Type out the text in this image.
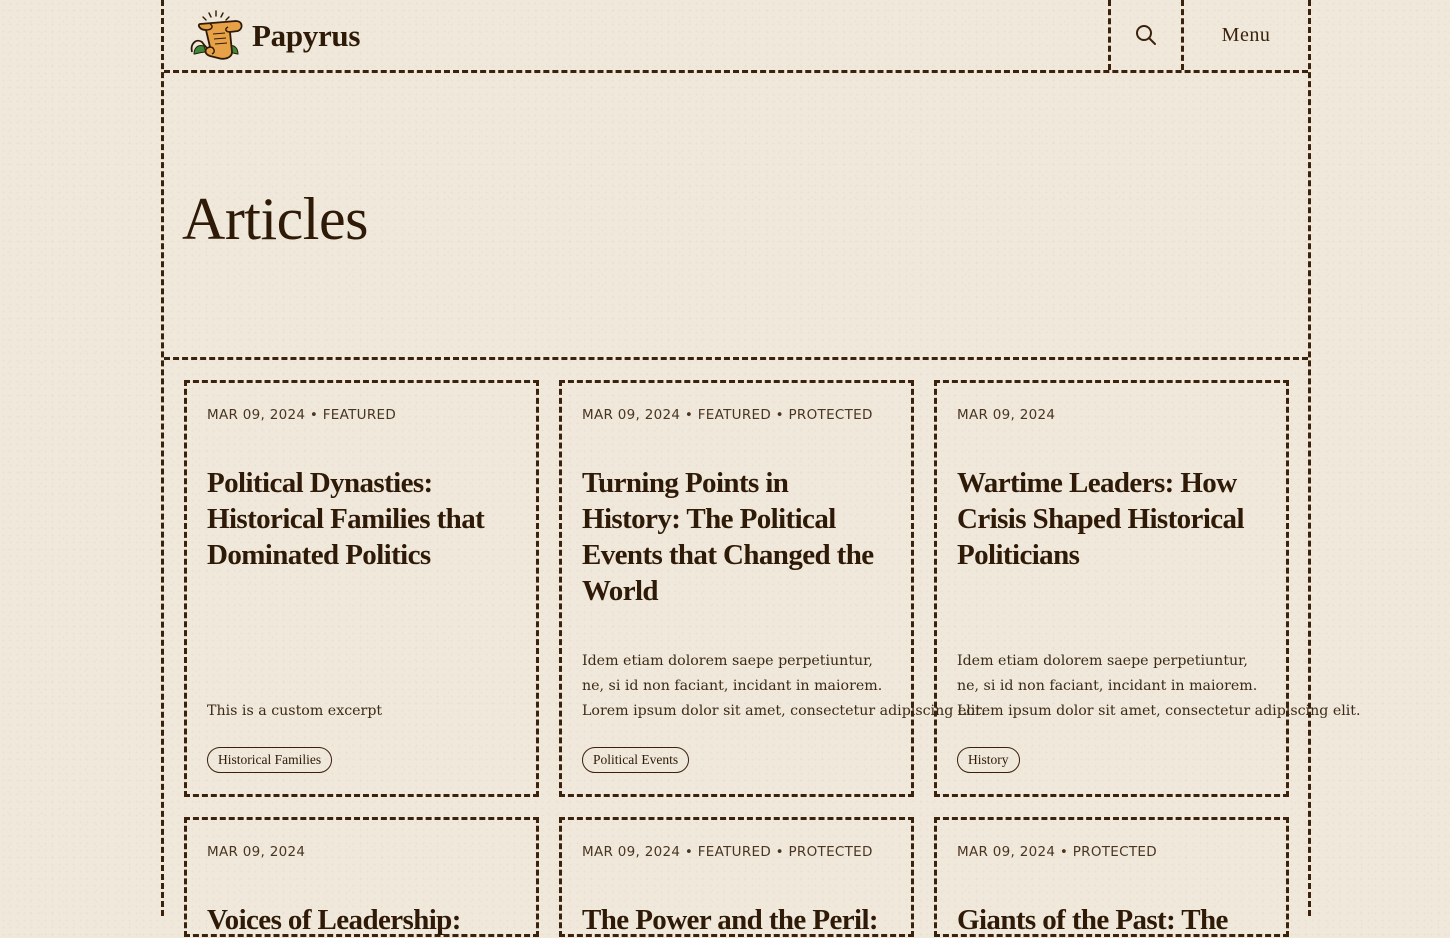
Papyrus	Menu
Articles
MAR 09, 2024 • FEATURED
Political Dynasties: Historical Families that Dominated Politics
This is a custom excerpt
Historical Families
MAR 09, 2024 • FEATURED • PROTECTED
Turning Points in History: The Political Events that Changed the World
Idem etiam dolorem saepe perpetiuntur,
ne, si id non faciant, incidant in maiorem.
Lorem ipsum dolor sit amet, consectetur adipiscing elit.
Political Events
MAR 09, 2024
Wartime Leaders: How Crisis Shaped Historical Politicians
Idem etiam dolorem saepe perpetiuntur,
ne, si id non faciant, incidant in maiorem.
Lorem ipsum dolor sit amet, consectetur adipiscing elit.
History
MAR 09, 2024
Voices of Leadership:
MAR 09, 2024 • FEATURED • PROTECTED
The Power and the Peril:
MAR 09, 2024 • PROTECTED
Giants of the Past: The
